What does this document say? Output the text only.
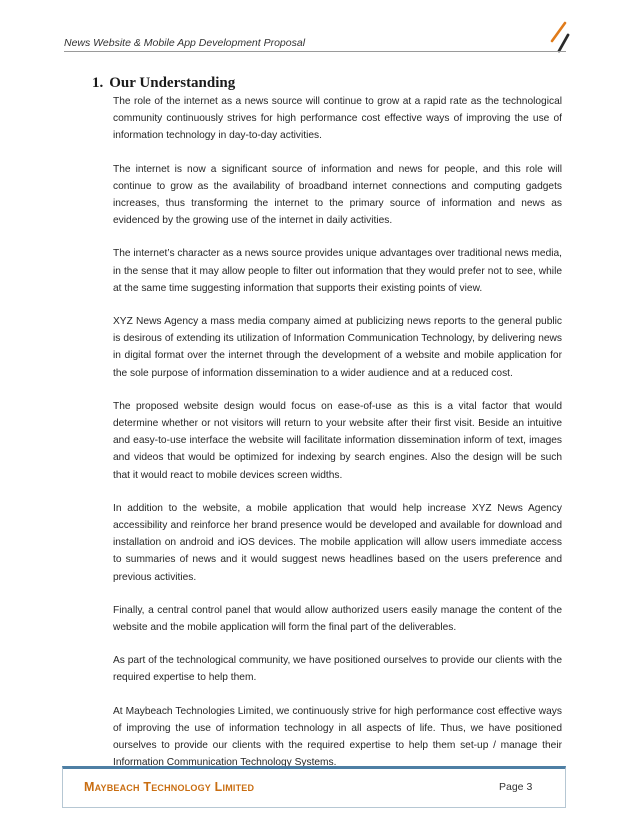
News Website & Mobile App Development Proposal
1. Our Understanding

The role of the internet as a news source will continue to grow at a rapid rate as the technological community continuously strives for high performance cost effective ways of improving the use of information technology in day-to-day activities.

The internet is now a significant source of information and news for people, and this role will continue to grow as the availability of broadband internet connections and computing gadgets increases, thus transforming the internet to the primary source of information and news as evidenced by the growing use of the internet in daily activities.

The internet’s character as a news source provides unique advantages over traditional news media, in the sense that it may allow people to filter out information that they would prefer not to see, while at the same time suggesting information that supports their existing points of view.

XYZ News Agency a mass media company aimed at publicizing news reports to the general public is desirous of extending its utilization of Information Communication Technology, by delivering news in digital format over the internet through the development of a website and mobile application for the sole purpose of information dissemination to a wider audience and at a reduced cost.

The proposed website design would focus on ease-of-use as this is a vital factor that would determine whether or not visitors will return to your website after their first visit. Beside an intuitive and easy-to-use interface the website will facilitate information dissemination inform of text, images and videos that would be optimized for indexing by search engines. Also the design will be such that it would react to mobile devices screen widths.

In addition to the website, a mobile application that would help increase XYZ News Agency accessibility and reinforce her brand presence would be developed and available for download and installation on android and iOS devices. The mobile application will allow users immediate access to summaries of news and it would suggest news headlines based on the users preference and previous activities.

Finally, a central control panel that would allow authorized users easily manage the content of the website and the mobile application will form the final part of the deliverables.

As part of the technological community, we have positioned ourselves to provide our clients with the required expertise to help them.

At Maybeach Technologies Limited, we continuously strive for high performance cost effective ways of improving the use of information technology in all aspects of life. Thus, we have positioned ourselves to provide our clients with the required expertise to help them set-up / manage their Information Communication Technology Systems.

Maybeach Technology Limited	Page 3
